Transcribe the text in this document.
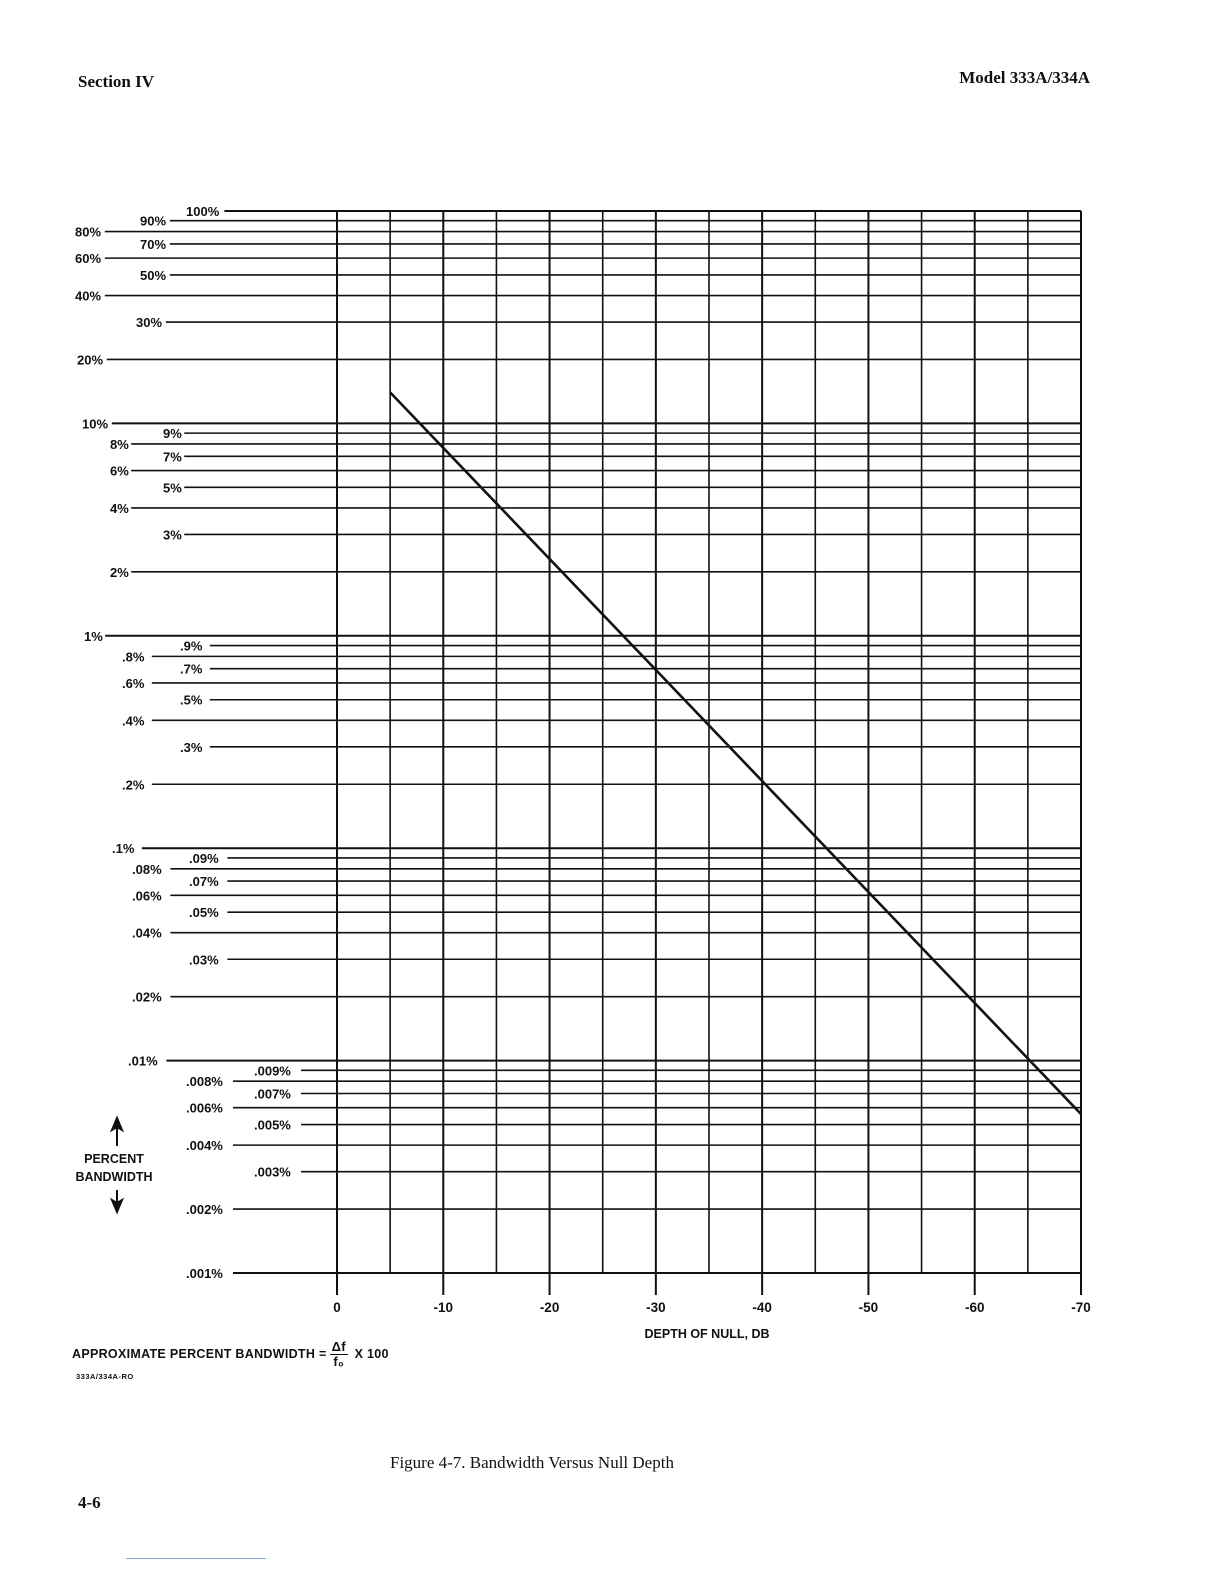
Section IV	Model 333A/334A
100%
90%
80%
70%
60%
50%
40%
30%
20%
10%
9%
8%
7%
6%
5%
4%
3%
2%
1%
.9%
.8%
.7%
.6%
.5%
.4%
.3%
.2%
.1%
.09%
.08%
.07%
.06%
.05%
.04%
.03%
.02%
.01%
.009%
.008%
.007%
.006%
.005%
.004%
.003%
.002%
.001%
0	-10	-20	-30	-40	-50	-60	-70
DEPTH OF NULL, DB
PERCENT
BANDWIDTH
APPROXIMATE PERCENT BANDWIDTH = $\frac{\Delta f}{\text{f₀}}$ X 100
333A/334A-RO
Figure 4-7. Bandwidth Versus Null Depth
4-6
